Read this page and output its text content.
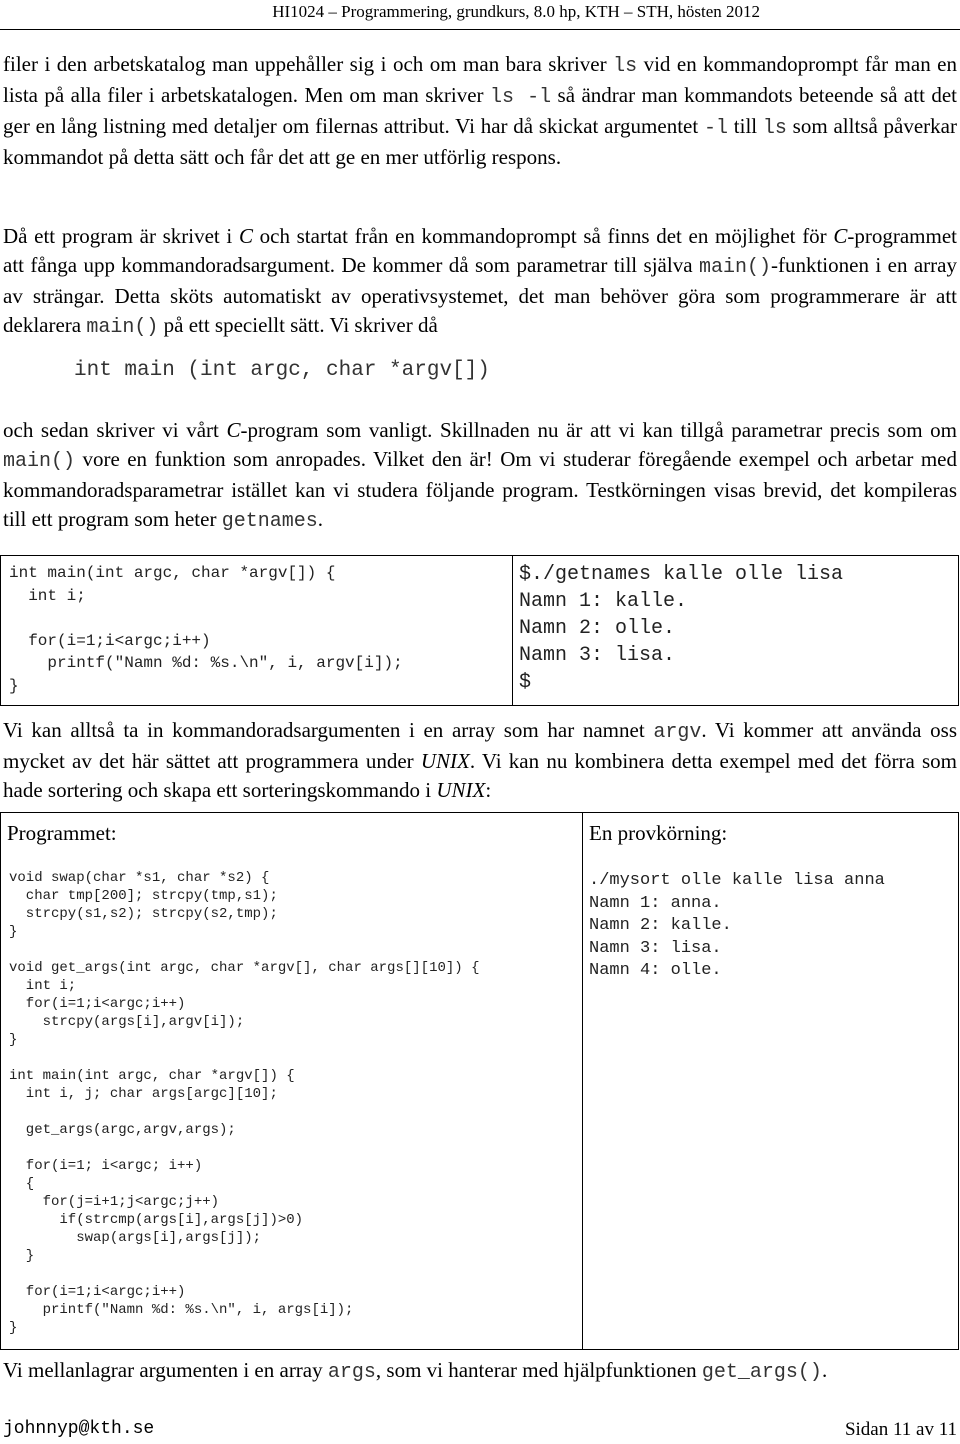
HI1024 – Programmering, grundkurs, 8.0 hp, KTH – STH, hösten 2012

filer i den arbetskatalog man uppehåller sig i och om man bara skriver ls vid en kommandoprompt får man en lista på alla filer i arbetskatalogen. Men om man skriver ls -l så ändrar man kommandots beteende så att det ger en lång listning med detaljer om filernas attribut. Vi har då skickat argumentet -l till ls som alltså påverkar kommandot på detta sätt och får det att ge en mer utförlig respons.

Då ett program är skrivet i C och startat från en kommandoprompt så finns det en möjlighet för C-programmet att fånga upp kommandoradsargument. De kommer då som parametrar till själva main()-funktionen i en array av strängar. Detta sköts automatiskt av operativsystemet, det man behöver göra som programmerare är att deklarera main() på ett speciellt sätt. Vi skriver då

int main (int argc, char *argv[])

och sedan skriver vi vårt C-program som vanligt. Skillnaden nu är att vi kan tillgå parametrar precis som om main() vore en funktion som anropades. Vilket den är! Om vi studerar föregående exempel och arbetar med kommandoradsparametrar istället kan vi studera följande program. Testkörningen visas brevid, det kompileras till ett program som heter getnames.

int main(int argc, char *argv[]) {
int i;

for(i=1;i<argc;i++)
printf("Namn %d: %s.\n", i, argv[i]);
}

$./getnames kalle olle lisa
Namn 1: kalle.
Namn 2: olle.
Namn 3: lisa.
$

Vi kan alltså ta in kommandoradsargumenten i en array som har namnet argv. Vi kommer att använda oss mycket av det här sättet att programmera under UNIX. Vi kan nu kombinera detta exempel med det förra som hade sortering och skapa ett sorteringskommando i UNIX:

Programmet:
void swap(char *s1, char *s2) {
char tmp[200]; strcpy(tmp,s1);
strcpy(s1,s2); strcpy(s2,tmp);
}

void get_args(int argc, char *argv[], char args[][10]) {
int i;
for(i=1;i<argc;i++)
strcpy(args[i],argv[i]);
}

int main(int argc, char *argv[]) {
int i, j; char args[argc][10];

get_args(argc,argv,args);

for(i=1; i<argc; i++)
{
for(j=i+1;j<argc;j++)
if(strcmp(args[i],args[j])>0)
swap(args[i],args[j]);
}

for(i=1;i<argc;i++)
printf("Namn %d: %s.\n", i, args[i]);
}

En provkörning:
./mysort olle kalle lisa anna
Namn 1: anna.
Namn 2: kalle.
Namn 3: lisa.
Namn 4: olle.

Vi mellanlagrar argumenten i en array args, som vi hanterar med hjälpfunktionen get_args().

johnnyp@kth.se	Sidan 11 av 11
